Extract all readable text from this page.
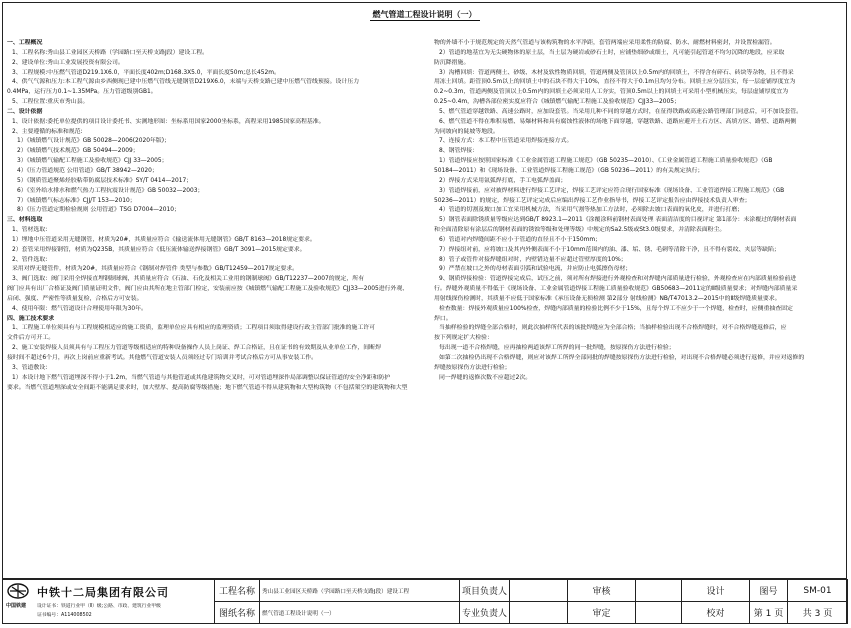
燃气管道工程设计说明（一）
一、工程概况
1、工程名称:秀山县工业园区天桥路（学园路口至天桥支路J段）建设工程。
2、建设单位:秀山工业发展投资有限公司。
3、工程规模:中压燃气管道D219.1X6.0，平面长度402m;D168.3X5.0，平面长度50m;总长452m。
4、供气气源和压力:本工程气源由乡西侧现已建中压燃气管线无缝钢管D219X6.0，末端与天桥支路已建中压燃气管线预接。设计压力
0.4MPa，运行压力0.1~1.35MPa。压力管道级别GB1。
5、工程位置:重庆市秀山县。
二、设计依据
1、设计依据:委托单位提供的项目设计委托书、实测地形图：坐标系用国家2000坐标系，高程采用1985国家高程基准。
2、主要遵循的标准和规范:
1）《城镇燃气设计规范》GB 50028—2006(2020年版)；
2）《城镇燃气技术规范》GB 50494—2009；
3）《城镇燃气输配工程施工及验收规范》CJJ 33—2005；
4）《压力管道规范 公用管道》GB/T 38942—2020；
5）《钢质管道聚烯烃胶粘带防腐层技术标准》SY/T 0414—2017；
6）《室外给水排水和燃气热力工程抗震设计规范》GB 50032—2003；
7）《城镇燃气标志标准》CJJ/T 153—2010；
8）《压力管道定期检验规则 公用管道》TSG D7004—2010；
三、材料选取
1、管材选取:
1）埋地中压管道采用无缝钢管，材质为20#，其质量应符合《输送流体用无缝钢管》GB/T 8163—2018规定要求。
2）套管采用焊接钢管，材质为Q235B，其质量应符合《低压流体输送焊接钢管》GB/T 3091—2015规定要求。
2、管件选取:
采用对焊无缝管件，材质为20#，其质量应符合《钢制对焊管件 类型与参数》GB/T12459—2017规定要求。
3、阀门选取：阀门采用全焊接直埋钢制球阀，其质量应符合《石油、石化及相关工业用的钢制球阀》GB/T12237—2007的规定，所有
阀门应具有出厂合格证及阀门质量证明文件，阀门应由其所在地主管部门检定，安装前应按《城镇燃气输配工程施工及验收规范》CJJ33—2005进行外观、
启闭、强度、严密性等质量复检，合格后方可安装。
4、使用年限：燃气管道设计合理使用年限为30年。
四、施工技术要求
1、工程施工单位须具有与工程规模相适应的施工资质，监理单位应具有相应的监理资质；工程项目须取得建设行政主管部门批准的施工许可
文件后方可开工。
2、施工安装焊接人员须具有与工程压力管道等级相适应的特种设备操作人员上岗证、焊工合格证，且在证书的有效期及从业单位工作，间断焊
接时间不超过6个月，再次上岗前应重新考试。其他燃气管道安装人员须经过专门培训并考试合格后方可从事安装工作。
3、管道敷设:
1）本设计地下燃气管道埋深不得小于1.2m，当燃气管道与其他管道或其他建筑物交叉时，可对管道埋深作局部调整以保证管道的安全净距和防护
要求。当燃气管道埋深或安全间距不能满足要求时，加大壁厚、提高防腐等级措施；地下燃气管道不得从建筑物和大型构筑物（不包括架空的建筑物和大型
物的外墙不小于规范规定的天然气管道与该构筑物的水平净距，套管两端应采用柔性的防腐、防水、耐燃材料密封，并设置检漏管。
2）管道的地基宜为无尖硬物体的原土层，当土层为硬岩或砂石土时，应铺垫细砂或细土，凡可能引起管道不均匀沉降的地段，应采取
防沉降措施。
3）沟槽回填：管道两侧土、砂级、木材及软性物质回填，管道两侧及管顶以上0.5m内的回填土，不得含有碎石、砖块等杂物，且不得采
用冻土回填。距管顶0.5m以上的回填土中的石块不得大于10%，直径不得大于0.1m且均匀分布。回填土应分层压实，每一层虚铺厚度宜为
0.2~0.3m，管道两侧及管顶以上0.5m内的回填土必须采用人工夯实，管顶0.5m以上的回填土可采用小型机械压实，每层虚铺厚度宜为
0.25~0.4m，沟槽各部位密实度应符合《城镇燃气输配工程施工及验收规范》CJJ33—2005；
5、燃气管道穿越铁路、高速公路时，应加设套管。当采用几种不同的穿越方式时，在征得铁路或高速公路管理部门同意后，可不加设套管。
6、燃气管道不得在堆积易燃、易爆材料和具有腐蚀性液体的场地下面穿越，穿越铁路、道路应避开土石方区、高填方区、路堑、道路两侧
为同坡向的陡坡等地段。
7、连接方式：本工程中压管道采用焊接连接方式。
8、钢管焊接：
1）管道焊接应按照国家标准《工业金属管道工程施工规范》（GB 50235—2010）、《工业金属管道工程施工质量验收规范》（GB
50184—2011）和《现场设备、工业管道焊接工程施工规范》（GB 50236—2011）的有关规定执行；
2）焊接方式采用氩弧焊打底，手工电弧焊盖面；
3）管道焊接前，应对被焊材料进行焊接工艺评定，焊接工艺评定应符合现行国家标准《现场设备、工业管道焊接工程施工规范》（GB
50236—2011）的规定，焊接工艺评定完成后应编出焊接工艺作业指导书，焊接工艺评定报告应由焊接技术负责人审查；
4）管道的切割及坡口加工宜采用机械方法，当采用气割等热加工方法时，必须除去坡口表面的氧化皮，并进行打磨；
5）钢管表面除锈质量等级应达到GB/T 8923.1—2011《涂覆涂料前钢材表面处理 表面清洁度的目视评定 第1部分：未涂覆过的钢材表面
和全面清除原有涂层后的钢材表面的锈蚀等级和处理等级》中规定的Sa2.5级或St3.0级要求，并清除表面粉尘。
6）管道对内焊缝间距不应小于管道的直径且不小于150mm；
7）焊接组对前，应将坡口及其内外侧表面不小于10mm范围内的油、漆、垢、锈、毛刺等清除干净，且不得有裂纹、夹层等缺陷；
8）管子或管件对接焊缝组对时，内壁错边量不应超过管壁厚度的10%；
9）严禁在坡口之外的母材表面引弧和试验电流，并应防止电弧擦伤母材；
9、钢质焊接检验：管道焊接完成后，试压之前，须对所有焊接进行外观检查和对焊缝内部质量进行检验，外观检查应在内部质量检验前进
行。焊缝外观质量不得低于《现场设备、工业金属管道焊接工程施工质量验收规范》GB50683—2011定的Ⅱ级质量要求；对焊缝内部质量采
用射线探伤检测时，其质量不应低于国家标准《承压设备无损检测 第2部分 射线检测》NB/T47013.2—2015中的Ⅱ级焊缝质量要求。
检查数量：焊接外观质量应100%检查，焊缝内部质量的检验比例不少于15%，且每个焊工不应少于一个焊缝，检查时，应侧重抽查固定
焊口。
当抽样检验的焊缝全部合格时，则此次抽样所代表的该批焊缝应为全部合格；当抽样检验出现不合格焊缝时，对不合格焊缝返修后，应
按下列规定扩大检验：
每出现一道不合格焊缝，应再抽检两道该焊工所焊的同一批焊缝，按原探伤方法进行检验；
如第二次抽检仍出现不合格焊缝，则应对该焊工所焊全部同批的焊缝按原探伤方法进行检验，对出现不合格焊缝必须进行返修，并应对返修的
焊缝按原探伤方法进行检验；
同一焊缝的返修次数不应超过2次。
中铁十二局集团有限公司
中国铁建 设计证书：铁道行业甲（Ⅱ）级;公路、市政、建筑行业甲级
证书编号：A114008502	工程名称	秀山县工业园区天桥路（学园路口至天桥支路J段）建设工程	项目负责人		审核		设计	图号	SM-01
	图纸名称	燃气管道工程设计说明（一）	专业负责人		审定		校对	第 1 页	共 3 页
